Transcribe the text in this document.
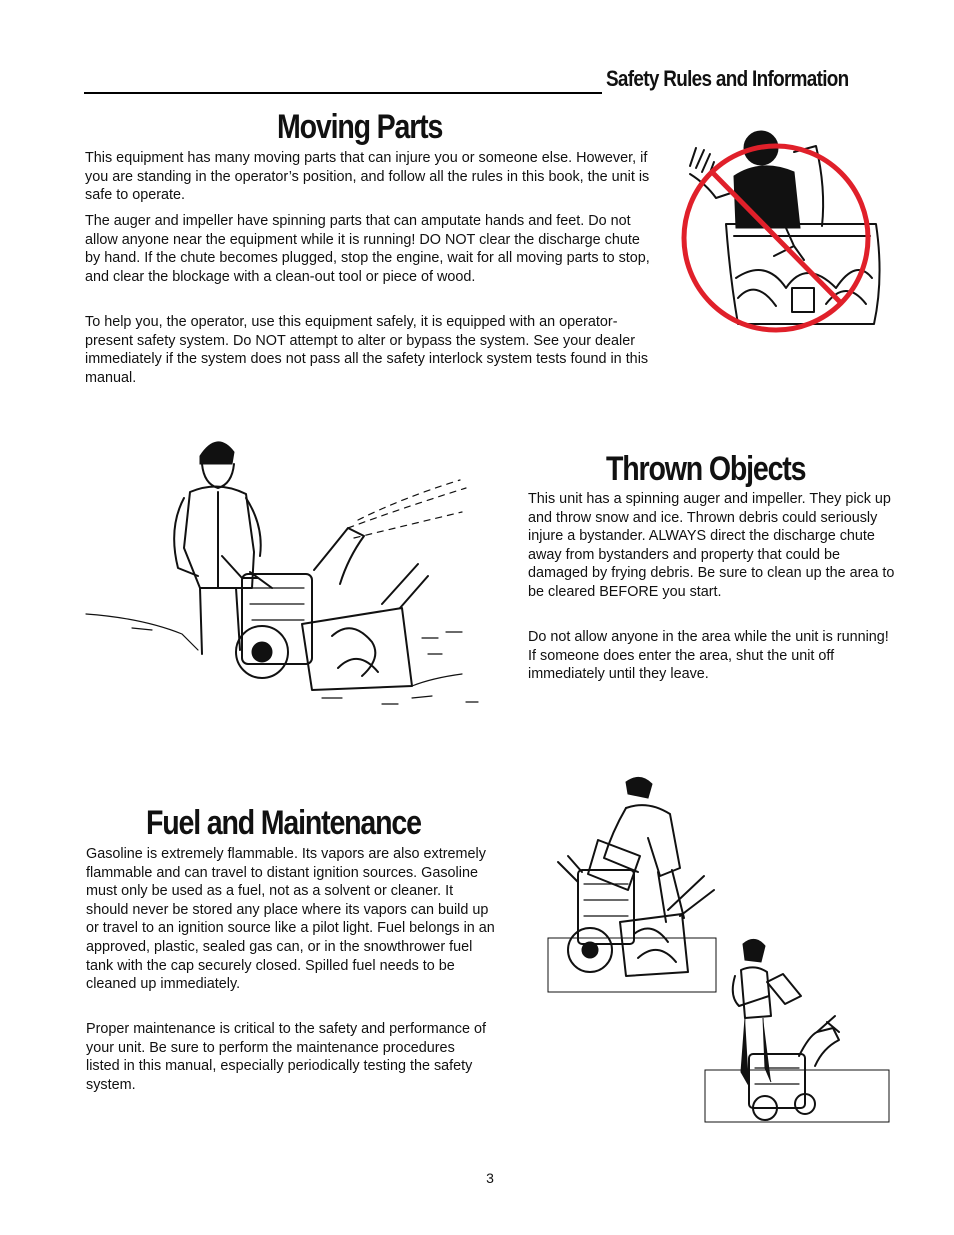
Safety Rules and Information
Moving Parts

This equipment has many moving parts that can injure you or someone else. However, if you are standing in the operator’s position, and follow all the rules in this book, the unit is safe to operate.

The auger and impeller have spinning parts that can amputate hands and feet. Do not allow anyone near the equipment while it is running! DO NOT clear the discharge chute by hand. If the chute becomes plugged, stop the engine, wait for all moving parts to stop, and clear the blockage with a clean-out tool or piece of wood.

To help you, the operator, use this equipment safely, it is equipped with an operator-present safety system. Do NOT attempt to alter or bypass the system. See your dealer immediately if the system does not pass all the safety interlock system tests found in this manual.

Thrown Objects

This unit has a spinning auger and impeller. They pick up and throw snow and ice. Thrown debris could seriously injure a bystander. ALWAYS direct the discharge chute away from bystanders and property that could be damaged by frying debris. Be sure to clean up the area to be cleared BEFORE you start.

Do not allow anyone in the area while the unit is running! If someone does enter the area, shut the unit off immediately until they leave.

Fuel and Maintenance

Gasoline is extremely flammable. Its vapors are also extremely flammable and can travel to distant ignition sources. Gasoline must only be used as a fuel, not as a solvent or cleaner. It should never be stored any place where its vapors can build up or travel to an ignition source like a pilot light. Fuel belongs in an approved, plastic, sealed gas can, or in the snowthrower fuel tank with the cap securely closed. Spilled fuel needs to be cleaned up immediately.

Proper maintenance is critical to the safety and performance of your unit. Be sure to perform the maintenance procedures listed in this manual, especially periodically testing the safety system.

3
